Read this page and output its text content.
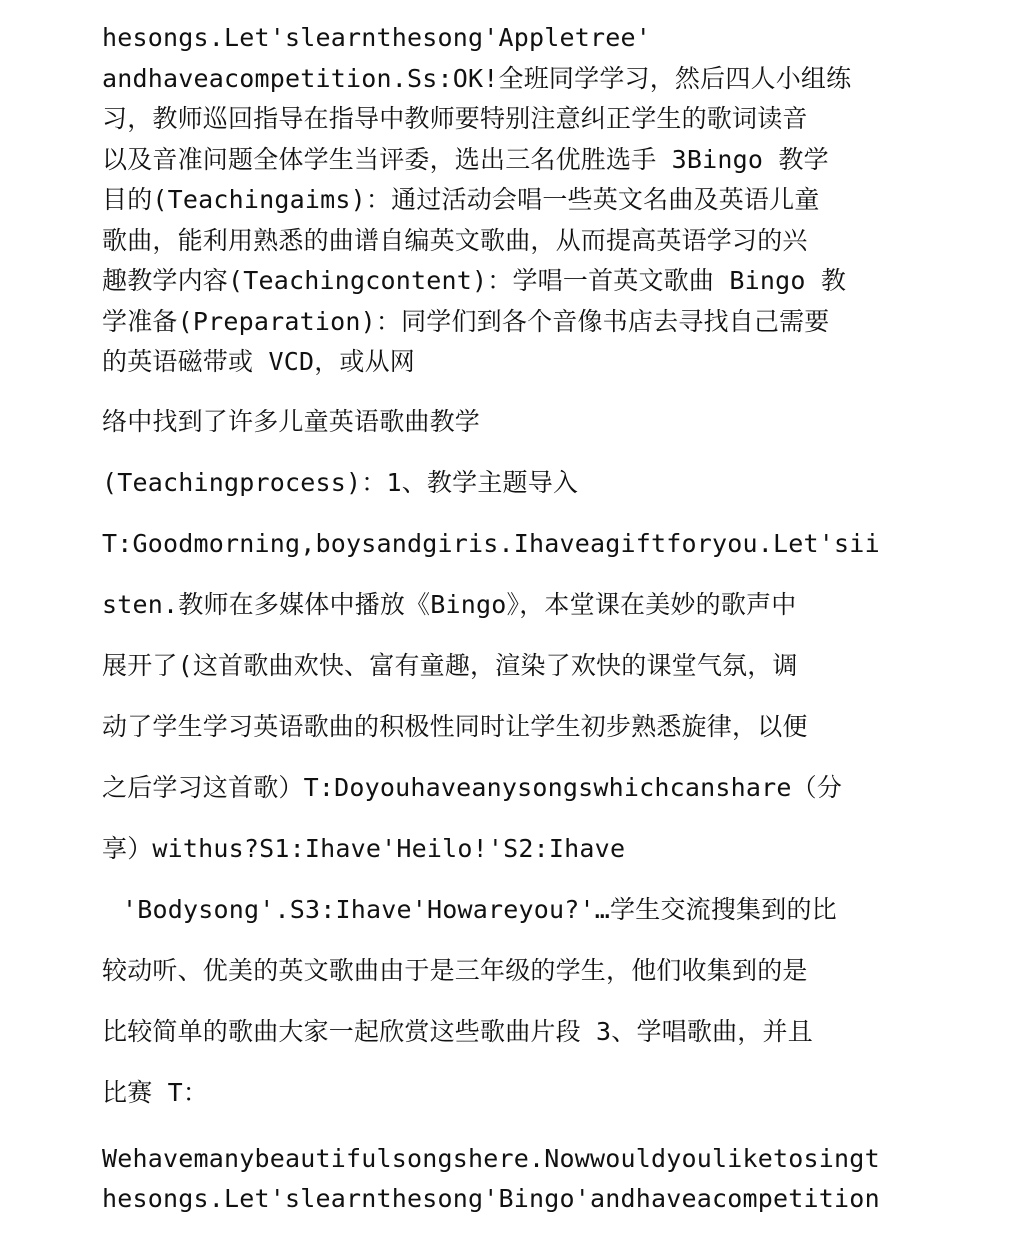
hesongs.Let'slearnthesong'Appletree'
andhaveacompetition.Ss:OK!全班同学学习，然后四人小组练
习，教师巡回指导在指导中教师要特别注意纠正学生的歌词读音
以及音准问题全体学生当评委，选出三名优胜选手 3Bingo 教学
目的(Teachingaims)：通过活动会唱一些英文名曲及英语儿童
歌曲，能利用熟悉的曲谱自编英文歌曲，从而提高英语学习的兴
趣教学内容(Teachingcontent)：学唱一首英文歌曲 Bingo 教
学准备(Preparation)：同学们到各个音像书店去寻找自己需要
的英语磁带或 VCD，或从网
络中找到了许多儿童英语歌曲教学
(Teachingprocess)：1、教学主题导入
T:Goodmorning,boysandgiris.Ihaveagiftforyou.Let'sii
sten.教师在多媒体中播放《Bingo》，本堂课在美妙的歌声中
展开了(这首歌曲欢快、富有童趣，渲染了欢快的课堂气氛，调
动了学生学习英语歌曲的积极性同时让学生初步熟悉旋律，以便
之后学习这首歌）T:Doyouhaveanysongswhichcanshare（分
享）withus?S1:Ihave'Heilo!'S2:Ihave
'Bodysong'.S3:Ihave'Howareyou?'…学生交流搜集到的比
较动听、优美的英文歌曲由于是三年级的学生，他们收集到的是
比较简单的歌曲大家一起欣赏这些歌曲片段 3、学唱歌曲，并且
比赛 T：
Wehavemanybeautifulsongshere.Nowwouldyouliketosingt
hesongs.Let'slearnthesong'Bingo'andhaveacompetition
